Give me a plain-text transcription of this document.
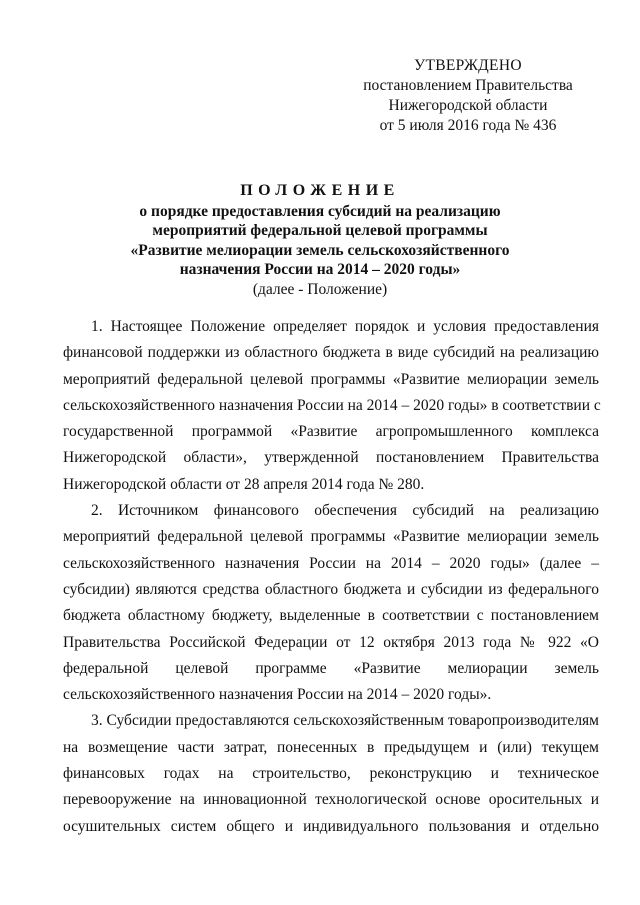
УТВЕРЖДЕНО
постановлением Правительства
Нижегородской области
от 5 июля 2016 года № 436
ПОЛОЖЕНИЕ
о порядке предоставления субсидий на реализацию
мероприятий федеральной целевой программы
«Развитие мелиорации земель сельскохозяйственного
назначения России на 2014 – 2020 годы»
(далее - Положение)
1. Настоящее Положение определяет порядок и условия предоставления
финансовой поддержки из областного бюджета в виде субсидий на реализацию
мероприятий федеральной целевой программы «Развитие мелиорации земель
сельскохозяйственного назначения России на 2014 – 2020 годы» в соответствии с
государственной программой «Развитие агропромышленного комплекса
Нижегородской области», утвержденной постановлением Правительства
Нижегородской области от 28 апреля 2014 года № 280.
2. Источником финансового обеспечения субсидий на реализацию
мероприятий федеральной целевой программы «Развитие мелиорации земель
сельскохозяйственного назначения России на 2014 – 2020 годы» (далее –
субсидии) являются средства областного бюджета и субсидии из федерального
бюджета областному бюджету, выделенные в соответствии с постановлением
Правительства Российской Федерации от 12 октября 2013 года № 922 «О
федеральной целевой программе «Развитие мелиорации земель
сельскохозяйственного назначения России на 2014 – 2020 годы».
3. Субсидии предоставляются сельскохозяйственным товаропроизводителям
на возмещение части затрат, понесенных в предыдущем и (или) текущем
финансовых годах на строительство, реконструкцию и техническое
перевооружение на инновационной технологической основе оросительных и
осушительных систем общего и индивидуального пользования и отдельно
